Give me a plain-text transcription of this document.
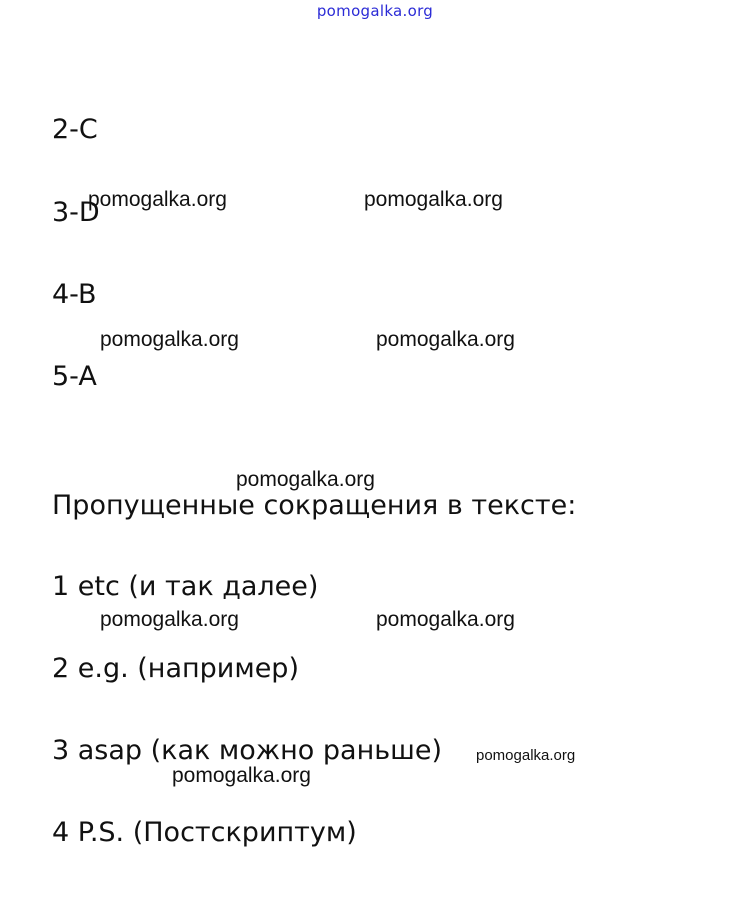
pomogalka.org
2-C
3-D
4-B
5-A
Пропущенные сокращения в тексте:
1 etc (и так далее)
2 e.g. (например)
3 asap (как можно раньше)
4 P.S. (Постскриптум)
pomogalka.org	pomogalka.org
pomogalka.org	pomogalka.org
pomogalka.org
pomogalka.org	pomogalka.org
pomogalka.org
pomogalka.org
